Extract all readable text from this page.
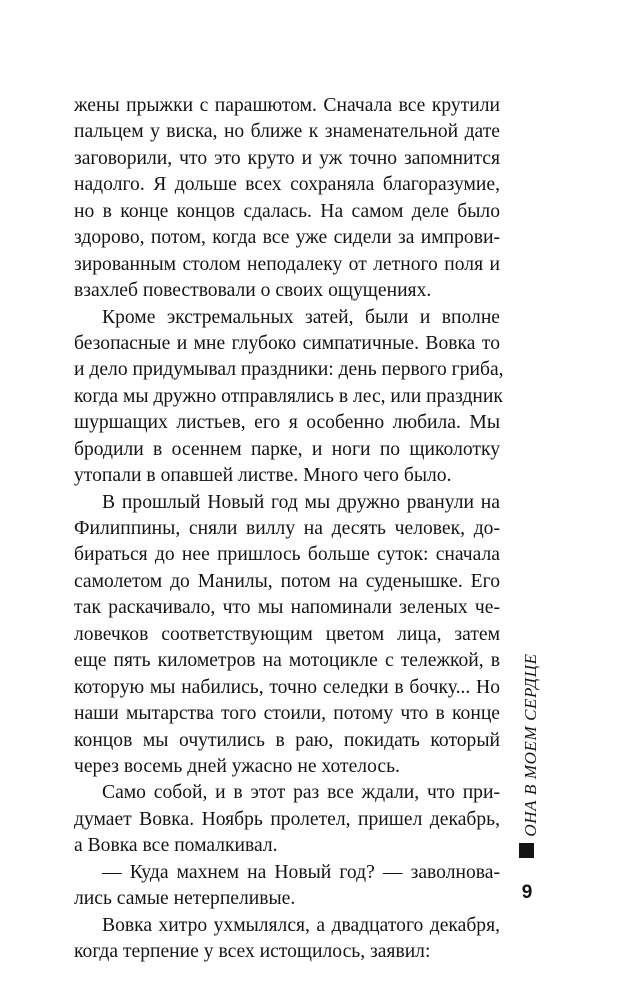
жены прыжки с парашютом. Сначала все крутили
пальцем у виска, но ближе к знаменательной дате
заговорили, что это круто и уж точно запомнится
надолго. Я дольше всех сохраняла благоразумие,
но в конце концов сдалась. На самом деле было
здорово, потом, когда все уже сидели за импрови-
зированным столом неподалеку от летного поля и
взахлеб повествовали о своих ощущениях.
Кроме экстремальных затей, были и вполне
безопасные и мне глубоко симпатичные. Вовка то
и дело придумывал праздники: день первого гриба,
когда мы дружно отправлялись в лес, или праздник
шуршащих листьев, его я особенно любила. Мы
бродили в осеннем парке, и ноги по щиколотку
утопали в опавшей листве. Много чего было.
В прошлый Новый год мы дружно рванули на
Филиппины, сняли виллу на десять человек, до-
бираться до нее пришлось больше суток: сначала
самолетом до Манилы, потом на суденышке. Его
так раскачивало, что мы напоминали зеленых че-
ловечков соответствующим цветом лица, затем
еще пять километров на мотоцикле с тележкой, в
которую мы набились, точно селедки в бочку... Но
наши мытарства того стоили, потому что в конце
концов мы очутились в раю, покидать который
через восемь дней ужасно не хотелось.
Само собой, и в этот раз все ждали, что при-
думает Вовка. Ноябрь пролетел, пришел декабрь,
а Вовка все помалкивал.
— Куда махнем на Новый год? — заволнова-
лись самые нетерпеливые.
Вовка хитро ухмылялся, а двадцатого декабря,
когда терпение у всех истощилось, заявил:
ОНА В МОЕМ СЕРДЦЕ
9
